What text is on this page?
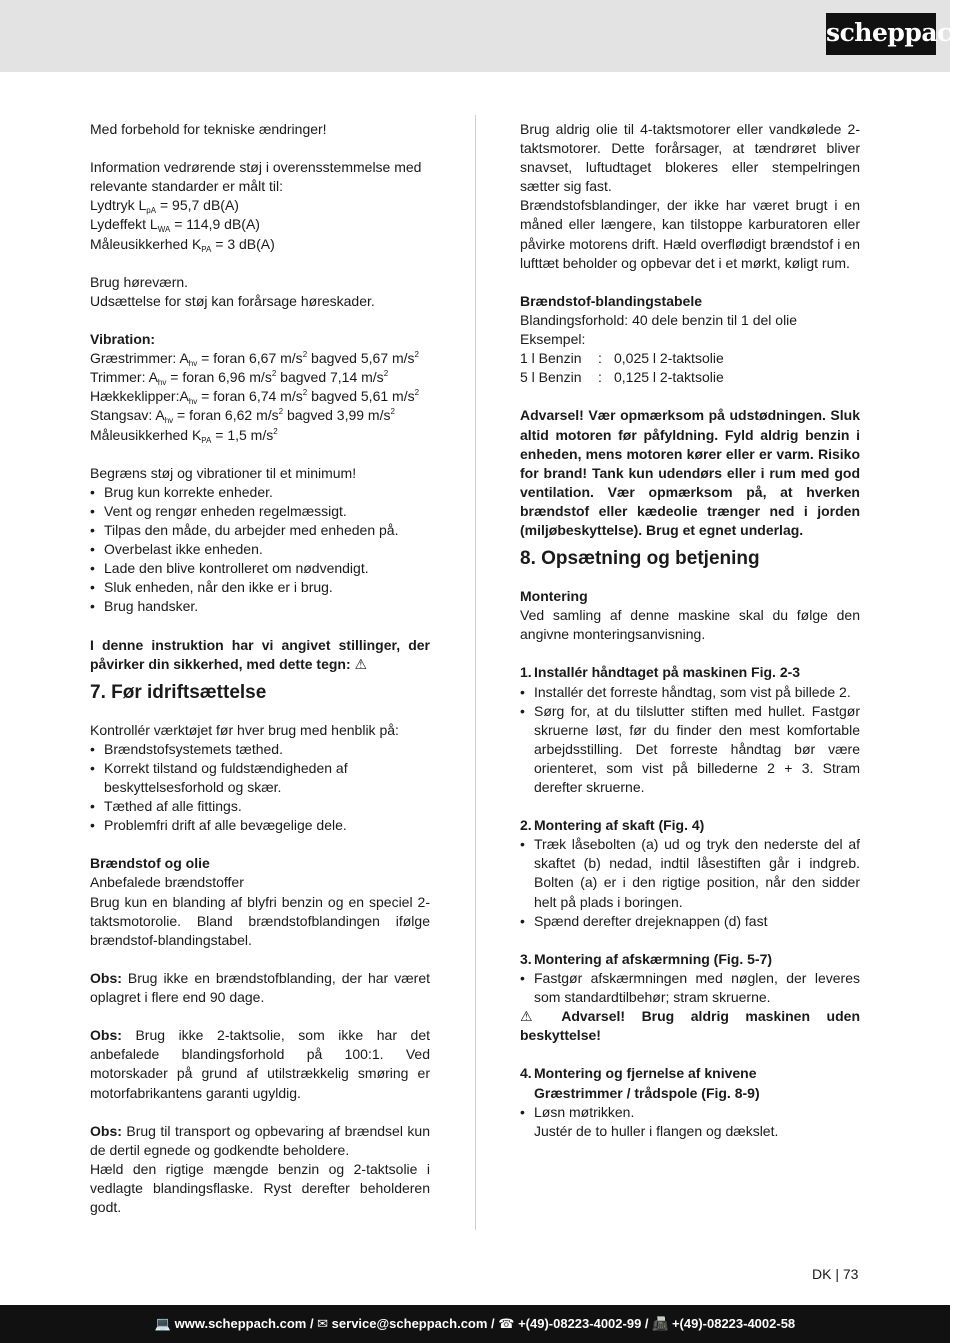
scheppach

Med forbehold for tekniske ændringer!

Information vedrørende støj i overensstemmelse med relevante standarder er målt til:

Lydtryk $L_{pA} = 95,7$ dB(A)

Lydeffekt $L_{WA} = 114,9$ dB(A)

Måleusikkerhed $K_{PA} = 3$ dB(A)

Brug høreværn.

Udsættelse for støj kan forårsage høreskader.

Vibration:

Græstrimmer: $A_{hv}$ = foran 6,67 $m/s^2$ bagved 5,67 $m/s^2$

Trimmer: $A_{hv}$ = foran 6,96 $m/s^2$ bagved 7,14 $m/s^2$

$Hækkeklipper:A_{hv}$ = foran 6,74 $m/s^2$ bagved 5,61 $m/s^2$

Stangsav: $A_{hv}$ = foran 6,62 $m/s^2$ bagved 3,99 $m/s^2$

Måleusikkerhed $K_{PA} = 1,5$ $m/s^2$

Begræns støj og vibrationer til et minimum!

• Brug kun korrekte enheder.
• Vent og rengør enheden regelmæssigt.
• Tilpas den måde, du arbejder med enheden på.
• Overbelast ikke enheden.
• Lade den blive kontrolleret om nødvendigt.
• Sluk enheden, når den ikke er i brug.
• Brug handsker.

I denne instruktion har vi angivet stillinger, der påvirker din sikkerhed, med dette tegn: ⚠

7. Før idriftsættelse

Kontrollér værktøjet før hver brug med henblik på:

• Brændstofsystemets tæthed.
• Korrekt tilstand og fuldstændigheden af beskyttelsesforhold og skær.
• Tæthed af alle fittings.
• Problemfri drift af alle bevægelige dele.

Brændstof og olie

Anbefalede brændstoffer

Brug kun en blanding af blyfri benzin og en speciel 2-taktsmotorolie. Bland brændstofblandingen ifølge brændstof-blandingstabel.

Obs: Brug ikke en brændstofblanding, der har været oplagret i flere end 90 dage.

Obs: Brug ikke 2-taktsolie, som ikke har det anbefalede blandingsforhold på 100:1. Ved motorskader på grund af utilstrækkelig smøring er motorfabrikantens garanti ugyldig.

Obs: Brug til transport og opbevaring af brændsel kun de dertil egnede og godkendte beholdere.

Hæld den rigtige mængde benzin og 2-taktsolie i vedlagte blandingsflaske. Ryst derefter beholderen godt.

Brug aldrig olie til 4-taktsmotorer eller vandkølede 2-taktsmotorer. Dette forårsager, at tændrøret bliver snavset, luftudtaget blokeres eller stempelringen sætter sig fast.

Brændstofsblandinger, der ikke har været brugt i en måned eller længere, kan tilstoppe karburatoren eller påvirke motorens drift. Hæld overflødigt brændstof i en lufttæt beholder og opbevar det i et mørkt, køligt rum.

Brændstof-blandingstabele

Blandingsforhold: 40 dele benzin til 1 del olie

Eksempel:

1 l Benzin	: 0,025 l 2-taktsolie
5 l Benzin	: 0,125 l 2-taktsolie

Advarsel! Vær opmærksom på udstødningen. Sluk altid motoren før påfyldning. Fyld aldrig benzin i enheden, mens motoren kører eller er varm. Risiko for brand! Tank kun udendørs eller i rum med god ventilation. Vær opmærksom på, at hverken brændstof eller kædeolie trænger ned i jorden (miljøbeskyttelse). Brug et egnet underlag.

8. Opsætning og betjening

Montering

Ved samling af denne maskine skal du følge den angivne monteringsanvisning.

1. Installér håndtaget på maskinen Fig. 2-3
• Installér det forreste håndtag, som vist på billede 2.
• Sørg for, at du tilslutter stiften med hullet. Fastgør skruerne løst, før du finder den mest komfortable arbejdsstilling. Det forreste håndtag bør være orienteret, som vist på billederne 2 + 3. Stram derefter skruerne.
2. Montering af skaft (Fig. 4)
• Træk låsebolten (a) ud og tryk den nederste del af skaftet (b) nedad, indtil låsestiften går i indgreb. Bolten (a) er i den rigtige position, når den sidder helt på plads i boringen.
• Spænd derefter drejeknappen (d) fast
3. Montering af afskærmning (Fig. 5-7)
• Fastgør afskærmningen med nøglen, der leveres som standardtilbehør; stram skruerne.

⚠ Advarsel! Brug aldrig maskinen uden beskyttelse!

4. Montering og fjernelse af knivene
Græstrimmer / trådspole (Fig. 8-9)
• Løsn møtrikken.

Justér de to huller i flangen og dækslet.

DK | 73
💻 www.scheppach.com / ✉ service@scheppach.com / ☎ +(49)-08223-4002-99 / 📠 +(49)-08223-4002-58
